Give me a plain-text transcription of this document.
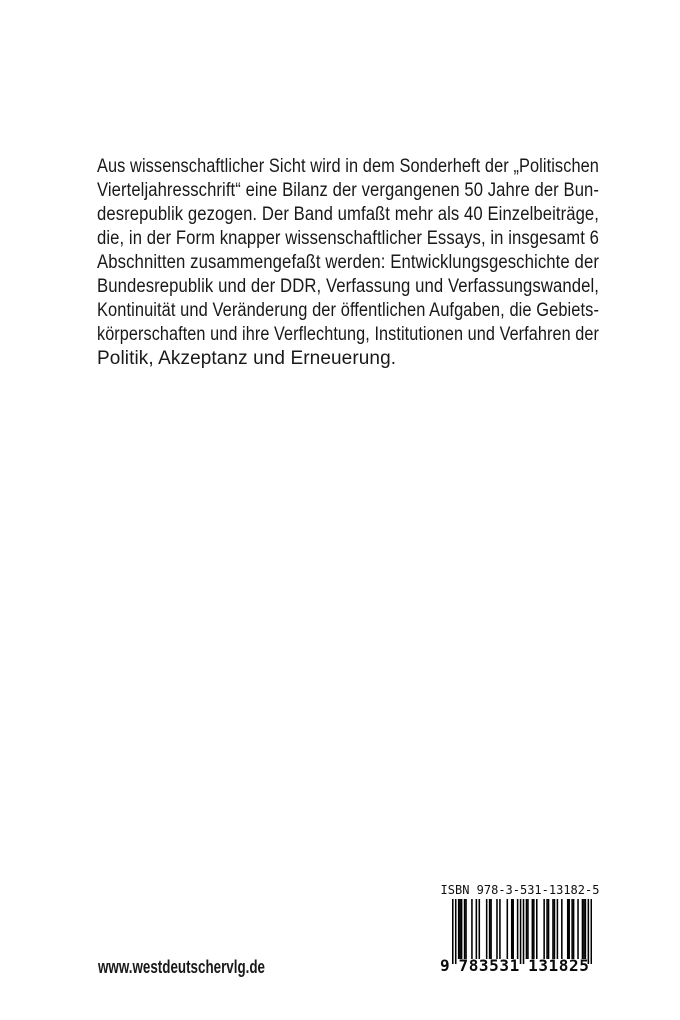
Aus wissenschaftlicher Sicht wird in dem Sonderheft der „Politischen
Vierteljahresschrift“ eine Bilanz der vergangenen 50 Jahre der Bun-
desrepublik gezogen. Der Band umfaßt mehr als 40 Einzelbeiträge,
die, in der Form knapper wissenschaftlicher Essays, in insgesamt 6
Abschnitten zusammengefaßt werden: Entwicklungsgeschichte der
Bundesrepublik und der DDR, Verfassung und Verfassungswandel,
Kontinuität und Veränderung der öffentlichen Aufgaben, die Gebiets-
körperschaften und ihre Verflechtung, Institutionen und Verfahren der
Politik, Akzeptanz und Erneuerung.
www.westdeutschervlg.de
ISBN 978-3-531-13182-5
9 783531 131825
